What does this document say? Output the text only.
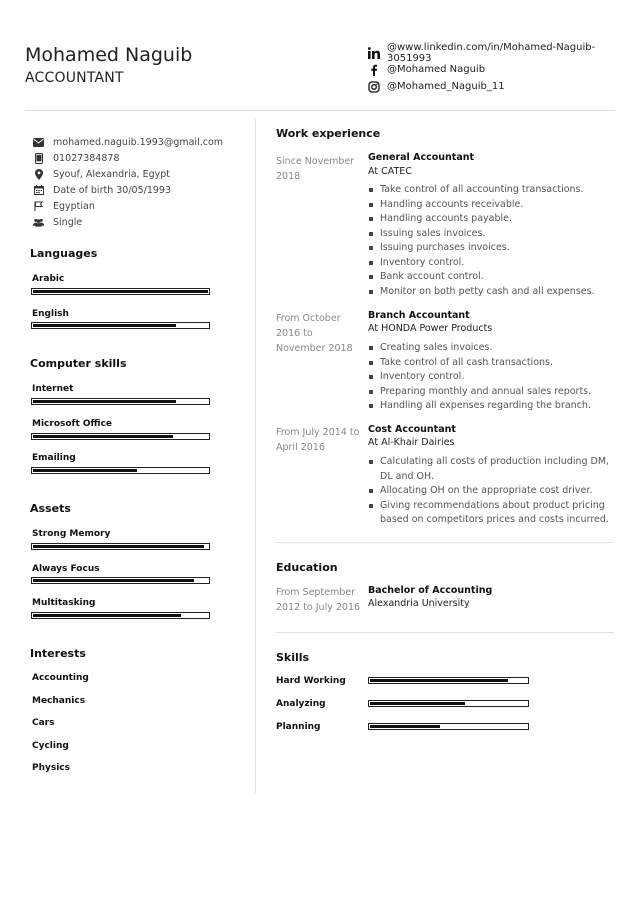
Mohamed Naguib
ACCOUNTANT
@www.linkedin.com/in/Mohamed-Naguib-3051993
@Mohamed Naguib
@Mohamed_Naguib_11
mohamed.naguib.1993@gmail.com
01027384878
Syouf, Alexandria, Egypt
Date of birth 30/05/1993
Egyptian
Single
Languages
Arabic
English
Computer skills
Internet
Microsoft Office
Emailing
Assets
Strong Memory
Always Focus
Multitasking
Interests
Accounting
Mechanics
Cars
Cycling
Physics
Work experience
Since November 2018
General Accountant
At CATEC
Take control of all accounting transactions.
Handling accounts receivable.
Handling accounts payable.
Issuing sales invoices.
Issuing purchases invoices.
Inventory control.
Bank account control.
Monitor on both petty cash and all expenses.
From October 2016 to November 2018
Branch Accountant
At HONDA Power Products
Creating sales invoices.
Take control of all cash transactions.
Inventory control.
Preparing monthly and annual sales reports.
Handling all expenses regarding the branch.
From July 2014 to April 2016
Cost Accountant
At Al-Khair Dairies
Calculating all costs of production including DM, DL and OH.
Allocating OH on the appropriate cost driver.
Giving recommendations about product pricing based on competitors prices and costs incurred.
Education
From September 2012 to July 2016
Bachelor of Accounting
Alexandria University
Skills
Hard Working
Analyzing
Planning
